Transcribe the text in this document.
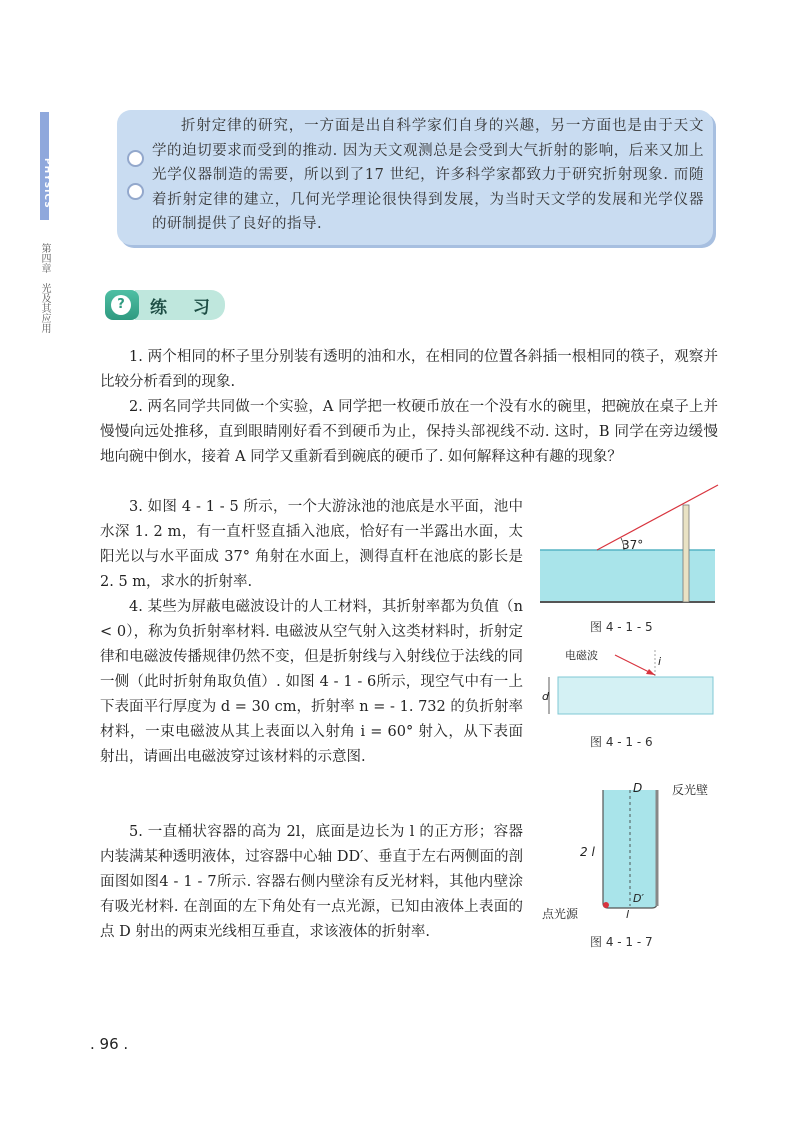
PHYSICS
第四章　光及其应用
折射定律的研究，一方面是出自科学家们自身的兴趣，另一方面也是由于天文学的迫切要求而受到的推动. 因为天文观测总是会受到大气折射的影响，后来又加上光学仪器制造的需要，所以到了17 世纪，许多科学家都致力于研究折射现象. 而随着折射定律的建立，几何光学理论很快得到发展，为当时天文学的发展和光学仪器的研制提供了良好的指导.
?	练 习
1. 两个相同的杯子里分别装有透明的油和水，在相同的位置各斜插一根相同的筷子，观察并比较分析看到的现象.
2. 两名同学共同做一个实验，A 同学把一枚硬币放在一个没有水的碗里，把碗放在桌子上并慢慢向远处推移，直到眼睛刚好看不到硬币为止，保持头部视线不动. 这时，B 同学在旁边缓慢地向碗中倒水，接着 A 同学又重新看到碗底的硬币了. 如何解释这种有趣的现象？
3. 如图 4 - 1 - 5 所示，一个大游泳池的池底是水平面，池中水深 1. 2 m，有一直杆竖直插入池底，恰好有一半露出水面，太阳光以与水平面成 37° 角射在水面上，测得直杆在池底的影长是 2. 5 m，求水的折射率.
4. 某些为屏蔽电磁波设计的人工材料，其折射率都为负值（n < 0），称为负折射率材料. 电磁波从空气射入这类材料时，折射定律和电磁波传播规律仍然不变，但是折射线与入射线位于法线的同一侧（此时折射角取负值）. 如图 4 - 1 - 6所示，现空气中有一上下表面平行厚度为 d = 30 cm，折射率 n = - 1. 732 的负折射率材料，一束电磁波从其上表面以入射角 i = 60° 射入，从下表面射出，请画出电磁波穿过该材料的示意图.
5. 一直桶状容器的高为 2l，底面是边长为 l 的正方形；容器内装满某种透明液体，过容器中心轴 DD′、垂直于左右两侧面的剖面图如图4 - 1 - 7所示. 容器右侧内壁涂有反光材料，其他内壁涂有吸光材料. 在剖面的左下角处有一点光源，已知由液体上表面的点 D 射出的两束光线相互垂直，求该液体的折射率.
37°
图 4 - 1 - 5
电磁波	i
d
图 4 - 1 - 6
D
D′
反光壁
2 l
l
点光源
图 4 - 1 - 7
. 96 .
